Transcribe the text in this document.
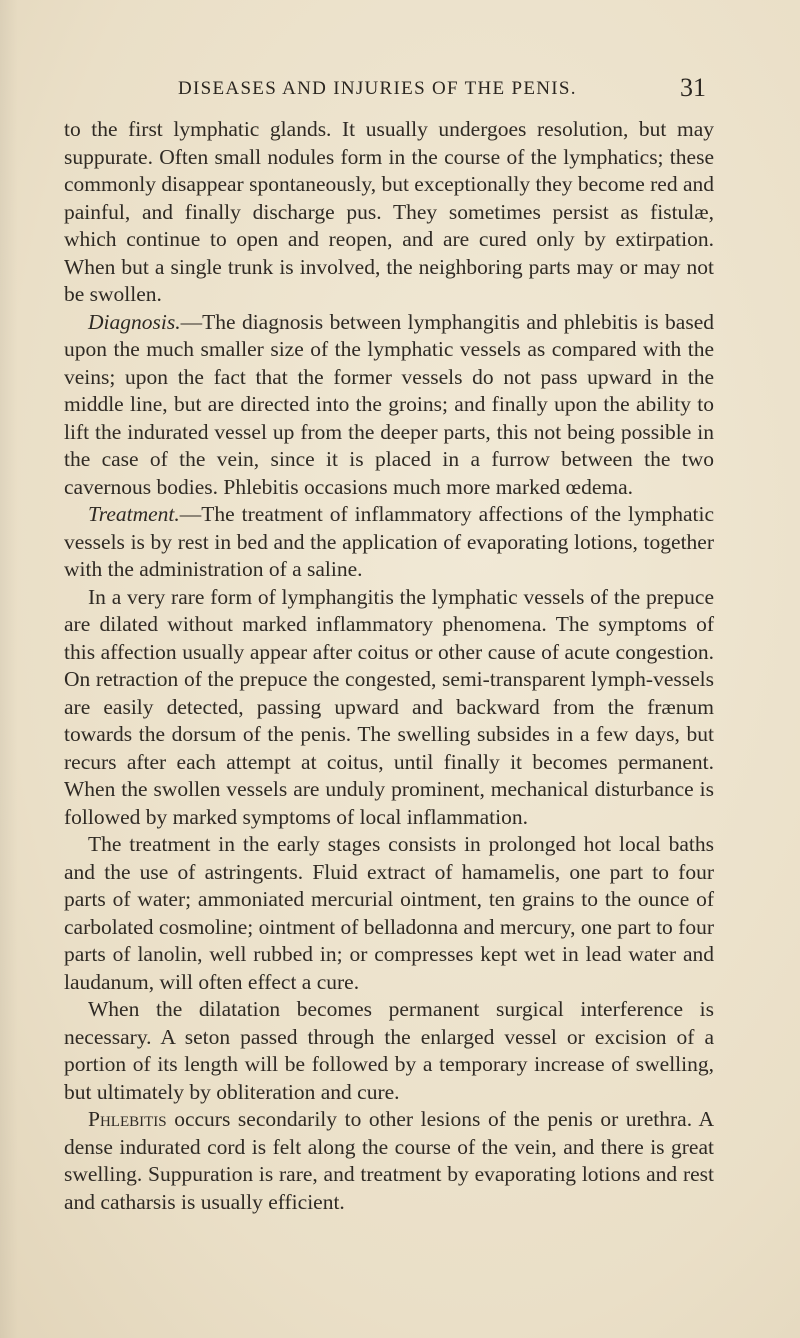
DISEASES AND INJURIES OF THE PENIS.	31

to the first lymphatic glands. It usually undergoes resolution, but may suppurate. Often small nodules form in the course of the lymphatics; these commonly disappear spontaneously, but exceptionally they become red and painful, and finally discharge pus. They sometimes persist as fistulæ, which continue to open and reopen, and are cured only by extirpation. When but a single trunk is involved, the neighboring parts may or may not be swollen.

Diagnosis.—The diagnosis between lymphangitis and phlebitis is based upon the much smaller size of the lymphatic vessels as compared with the veins; upon the fact that the former vessels do not pass upward in the middle line, but are directed into the groins; and finally upon the ability to lift the indurated vessel up from the deeper parts, this not being possible in the case of the vein, since it is placed in a furrow between the two cavernous bodies. Phlebitis occasions much more marked œdema.

Treatment.—The treatment of inflammatory affections of the lymphatic vessels is by rest in bed and the application of evaporating lotions, together with the administration of a saline.

In a very rare form of lymphangitis the lymphatic vessels of the prepuce are dilated without marked inflammatory phenomena. The symptoms of this affection usually appear after coitus or other cause of acute congestion. On retraction of the prepuce the congested, semi-transparent lymph-vessels are easily detected, passing upward and backward from the frænum towards the dorsum of the penis. The swelling subsides in a few days, but recurs after each attempt at coitus, until finally it becomes permanent. When the swollen vessels are unduly prominent, mechanical disturbance is followed by marked symptoms of local inflammation.

The treatment in the early stages consists in prolonged hot local baths and the use of astringents. Fluid extract of hamamelis, one part to four parts of water; ammoniated mercurial ointment, ten grains to the ounce of carbolated cosmoline; ointment of belladonna and mercury, one part to four parts of lanolin, well rubbed in; or compresses kept wet in lead water and laudanum, will often effect a cure.

When the dilatation becomes permanent surgical interference is necessary. A seton passed through the enlarged vessel or excision of a portion of its length will be followed by a temporary increase of swelling, but ultimately by obliteration and cure.

Phlebitis occurs secondarily to other lesions of the penis or urethra. A dense indurated cord is felt along the course of the vein, and there is great swelling. Suppuration is rare, and treatment by evaporating lotions and rest and catharsis is usually efficient.
